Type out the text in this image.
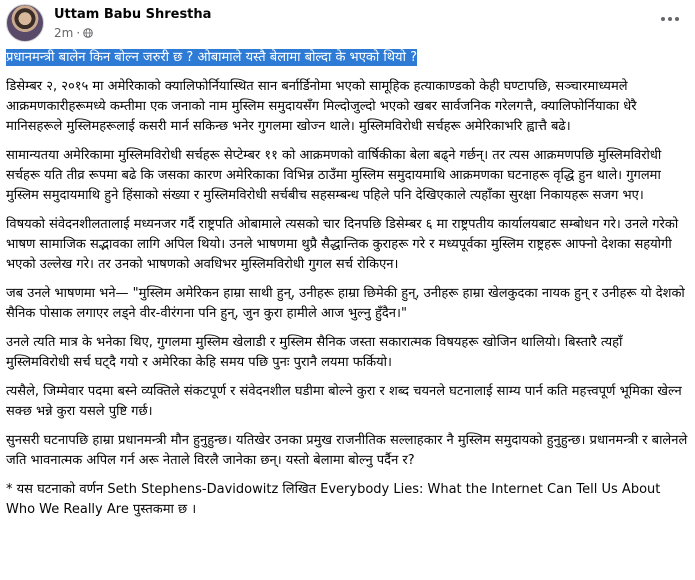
Uttam Babu Shrestha
2m ·
प्रधानमन्त्री बालेन किन बोल्न जरुरी छ ? ओबामाले यस्तै बेलामा बोल्दा के भएको थियो ?

डिसेम्बर २, २०१५ मा अमेरिकाको क्यालिफोर्नियास्थित सान बर्नार्डिनोमा भएको सामूहिक हत्याकाण्डको केही घण्टापछि, सञ्चारमाध्यमले आक्रमणकारीहरूमध्ये कम्तीमा एक जनाको नाम मुस्लिम समुदायसँग मिल्दोजुल्दो भएको खबर सार्वजनिक गरेलगत्तै, क्यालिफोर्नियाका धेरै मानिसहरूले मुस्लिमहरूलाई कसरी मार्न सकिन्छ भनेर गुगलमा खोज्न थाले। मुस्लिमविरोधी सर्चहरू अमेरिकाभरि ह्वात्तै बढे।

सामान्यतया अमेरिकामा मुस्लिमविरोधी सर्चहरू सेप्टेम्बर ११ को आक्रमणको वार्षिकीका बेला बढ्ने गर्छन्। तर त्यस आक्रमणपछि मुस्लिमविरोधी सर्चहरू यति तीव्र रूपमा बढे कि जसका कारण अमेरिकाका विभिन्न ठाउँमा मुस्लिम समुदायमाथि आक्रमणका घटनाहरू वृद्धि हुन थाले। गुगलमा मुस्लिम समुदायमाथि हुने हिंसाको संख्या र मुस्लिमविरोधी सर्चबीच सहसम्बन्ध पहिले पनि देखिएकाले त्यहाँका सुरक्षा निकायहरू सजग भए।

विषयको संवेदनशीलतालाई मध्यनजर गर्दै राष्ट्रपति ओबामाले त्यसको चार दिनपछि डिसेम्बर ६ मा राष्ट्रपतीय कार्यालयबाट सम्बोधन गरे। उनले गरेको भाषण सामाजिक सद्भावका लागि अपिल थियो। उनले भाषणमा थुप्रै सैद्धान्तिक कुराहरू गरे र मध्यपूर्वका मुस्लिम राष्ट्रहरू आफ्नो देशका सहयोगी भएको उल्लेख गरे। तर उनको भाषणको अवधिभर मुस्लिमविरोधी गुगल सर्च रोकिएन।

जब उनले भाषणमा भने— "मुस्लिम अमेरिकन हाम्रा साथी हुन्, उनीहरू हाम्रा छिमेकी हुन्, उनीहरू हाम्रा खेलकुदका नायक हुन् र उनीहरू यो देशको सैनिक पोसाक लगाएर लड्ने वीर-वीरंगना पनि हुन्, जुन कुरा हामीले आज भुल्नु हुँदैन।"

उनले त्यति मात्र के भनेका थिए, गुगलमा मुस्लिम खेलाडी र मुस्लिम सैनिक जस्ता सकारात्मक विषयहरू खोजिन थालियो। बिस्तारै त्यहाँ मुस्लिमविरोधी सर्च घट्दै गयो र अमेरिका केहि समय पछि पुनः पुरानै लयमा फर्कियो।

त्यसैले, जिम्मेवार पदमा बस्ने व्यक्तिले संकटपूर्ण र संवेदनशील घडीमा बोल्ने कुरा र शब्द चयनले घटनालाई साम्य पार्न कति महत्त्वपूर्ण भूमिका खेल्न सक्छ भन्ने कुरा यसले पुष्टि गर्छ।

सुनसरी घटनापछि हाम्रा प्रधानमन्त्री मौन हुनुहुन्छ। यतिखेर उनका प्रमुख राजनीतिक सल्लाहकार नै मुस्लिम समुदायको हुनुहुन्छ। प्रधानमन्त्री र बालेनले जति भावनात्मक अपिल गर्न अरू नेताले विरलै जानेका छन्। यस्तो बेलामा बोल्नु पर्दैन र?

* यस घटनाको वर्णन Seth Stephens-Davidowitz लिखित Everybody Lies: What the Internet Can Tell Us About Who We Really Are पुस्तकमा छ ।
